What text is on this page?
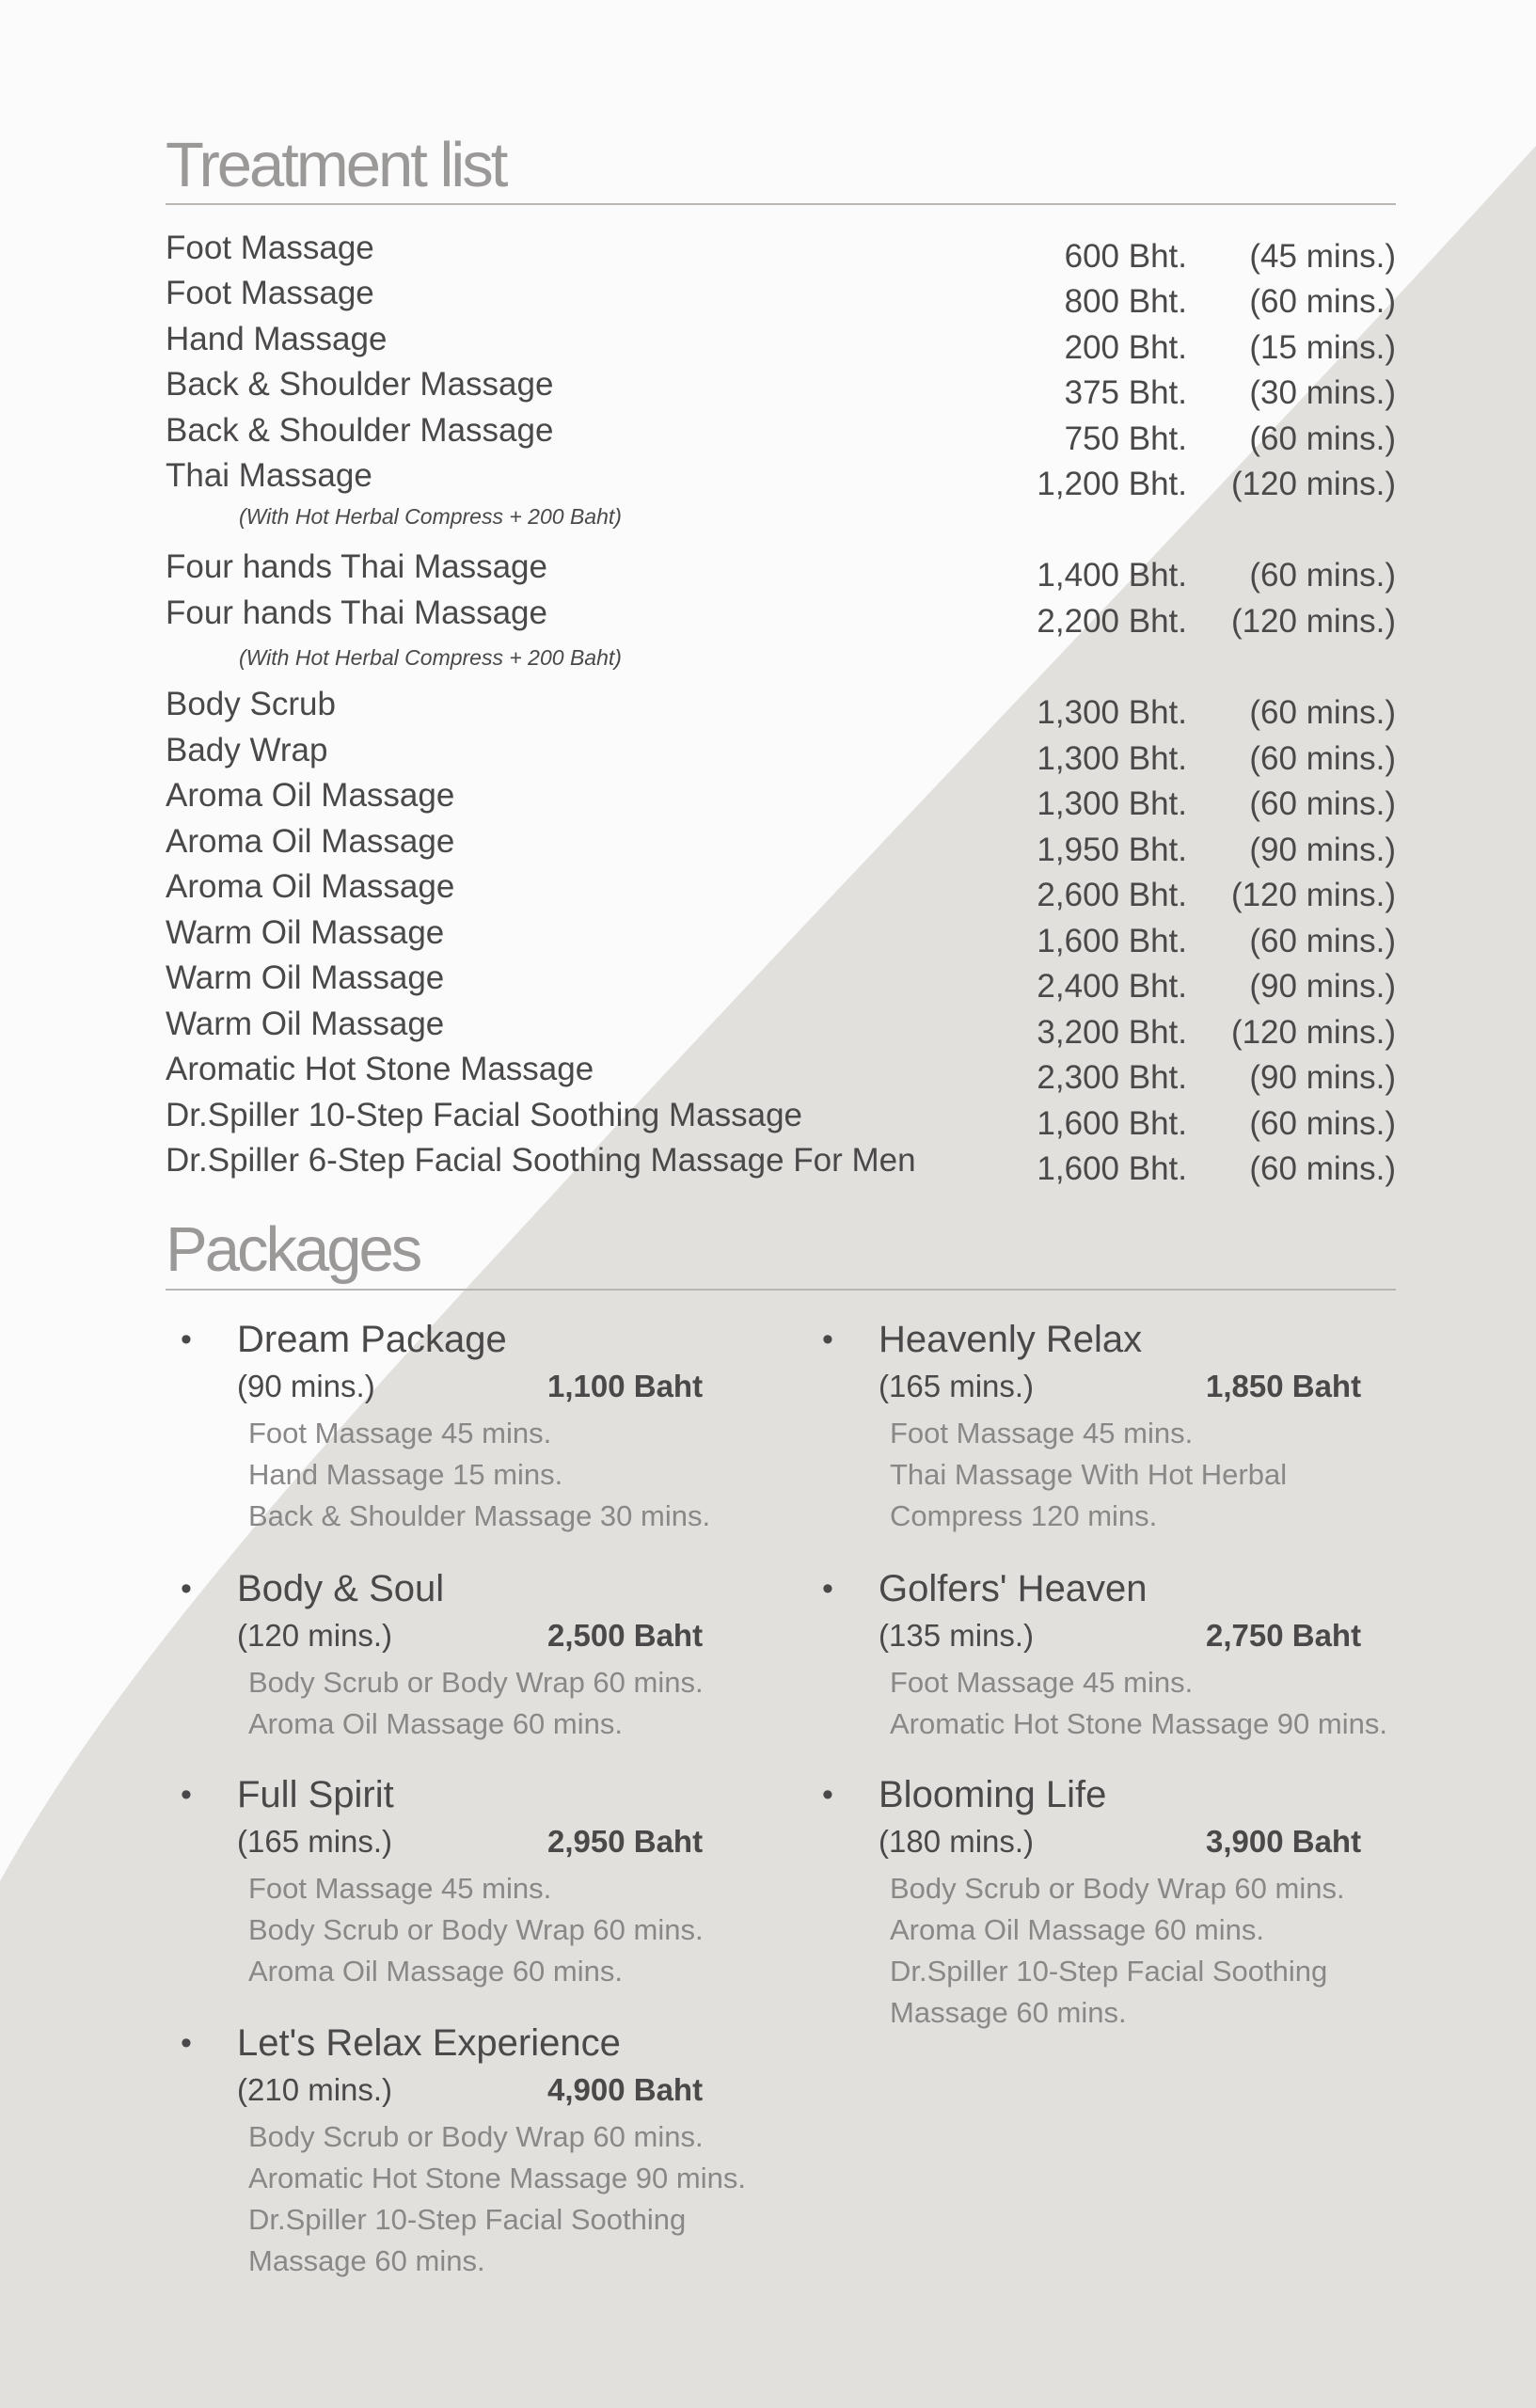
Treatment list
Foot Massage	600 Bht. (45 mins.)
Foot Massage	800 Bht. (60 mins.)
Hand Massage	200 Bht. (15 mins.)
Back & Shoulder Massage	375 Bht. (30 mins.)
Back & Shoulder Massage	750 Bht. (60 mins.)
Thai Massage	1,200 Bht. (120 mins.)
(With Hot Herbal Compress + 200 Baht)
Four hands Thai Massage	1,400 Bht. (60 mins.)
Four hands Thai Massage	2,200 Bht. (120 mins.)
(With Hot Herbal Compress + 200 Baht)
Body Scrub	1,300 Bht. (60 mins.)
Bady Wrap	1,300 Bht. (60 mins.)
Aroma Oil Massage	1,300 Bht. (60 mins.)
Aroma Oil Massage	1,950 Bht. (90 mins.)
Aroma Oil Massage	2,600 Bht. (120 mins.)
Warm Oil Massage	1,600 Bht. (60 mins.)
Warm Oil Massage	2,400 Bht. (90 mins.)
Warm Oil Massage	3,200 Bht. (120 mins.)
Aromatic Hot Stone Massage	2,300 Bht. (90 mins.)
Dr.Spiller 10-Step Facial Soothing Massage	1,600 Bht. (60 mins.)
Dr.Spiller 6-Step Facial Soothing Massage For Men	1,600 Bht. (60 mins.)
Packages
• Dream Package
(90 mins.)	1,100 Baht
Foot Massage 45 mins.
Hand Massage 15 mins.
Back & Shoulder Massage 30 mins.
• Body & Soul
(120 mins.)	2,500 Baht
Body Scrub or Body Wrap 60 mins.
Aroma Oil Massage 60 mins.
• Full Spirit
(165 mins.)	2,950 Baht
Foot Massage 45 mins.
Body Scrub or Body Wrap 60 mins.
Aroma Oil Massage 60 mins.
• Let's Relax Experience
(210 mins.)	4,900 Baht
Body Scrub or Body Wrap 60 mins.
Aromatic Hot Stone Massage 90 mins.
Dr.Spiller 10-Step Facial Soothing
Massage 60 mins.
• Heavenly Relax
(165 mins.)	1,850 Baht
Foot Massage 45 mins.
Thai Massage With Hot Herbal
Compress 120 mins.
• Golfers' Heaven
(135 mins.)	2,750 Baht
Foot Massage 45 mins.
Aromatic Hot Stone Massage 90 mins.
• Blooming Life
(180 mins.)	3,900 Baht
Body Scrub or Body Wrap 60 mins.
Aroma Oil Massage 60 mins.
Dr.Spiller 10-Step Facial Soothing
Massage 60 mins.
